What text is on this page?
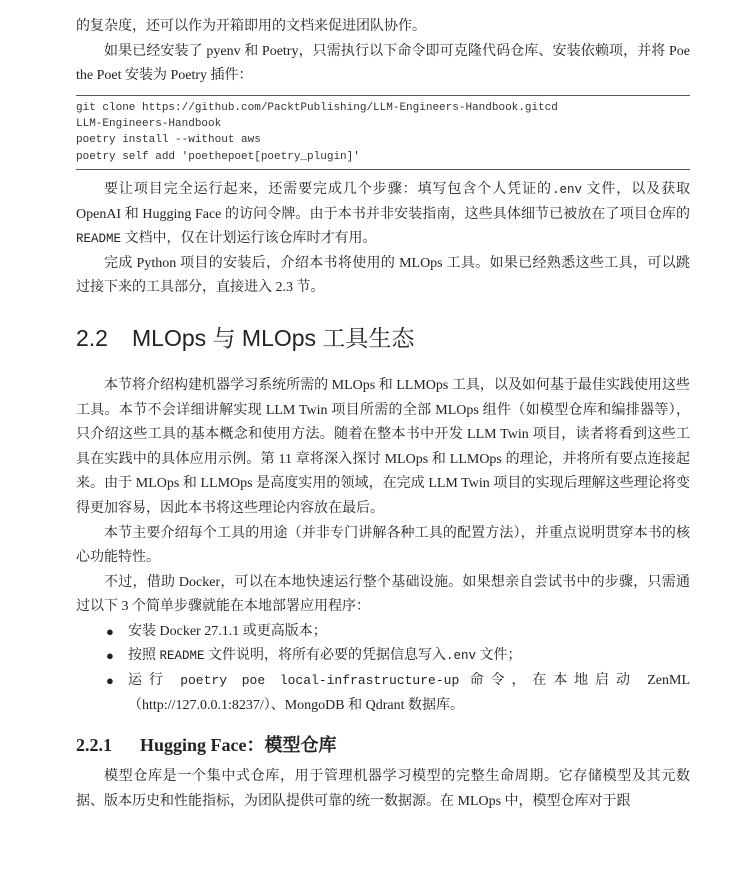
的复杂度，还可以作为开箱即用的文档来促进团队协作。

如果已经安装了 pyenv 和 Poetry，只需执行以下命令即可克隆代码仓库、安装依赖项，并将 Poe the Poet 安装为 Poetry 插件：

git clone https://github.com/PacktPublishing/LLM-Engineers-Handbook.gitcd
LLM-Engineers-Handbook
poetry install --without aws
poetry self add 'poethepoet[poetry_plugin]'

要让项目完全运行起来，还需要完成几个步骤：填写包含个人凭证的.env 文件，以及获取 OpenAI 和 Hugging Face 的访问令牌。由于本书并非安装指南，这些具体细节已被放在了项目仓库的 README 文档中，仅在计划运行该仓库时才有用。

完成 Python 项目的安装后，介绍本书将使用的 MLOps 工具。如果已经熟悉这些工具，可以跳过接下来的工具部分，直接进入 2.3 节。

2.2 MLOps 与 MLOps 工具生态

本节将介绍构建机器学习系统所需的 MLOps 和 LLMOps 工具，以及如何基于最佳实践使用这些工具。本节不会详细讲解实现 LLM Twin 项目所需的全部 MLOps 组件（如模型仓库和编排器等），只介绍这些工具的基本概念和使用方法。随着在整本书中开发 LLM Twin 项目，读者将看到这些工具在实践中的具体应用示例。第 11 章将深入探讨 MLOps 和 LLMOps 的理论，并将所有要点连接起来。由于 MLOps 和 LLMOps 是高度实用的领域，在完成 LLM Twin 项目的实现后理解这些理论将变得更加容易，因此本书将这些理论内容放在最后。

本节主要介绍每个工具的用途（并非专门讲解各种工具的配置方法），并重点说明贯穿本书的核心功能特性。

不过，借助 Docker，可以在本地快速运行整个基础设施。如果想亲自尝试书中的步骤，只需通过以下 3 个简单步骤就能在本地部署应用程序：

● 安装 Docker 27.1.1 或更高版本；
● 按照 README 文件说明，将所有必要的凭据信息写入.env 文件；
● 运行 poetry poe local-infrastructure-up 命令，在本地启动 ZenML（http://127.0.0.1:8237/）、MongoDB 和 Qdrant 数据库。
2.2.1 Hugging Face：模型仓库

模型仓库是一个集中式仓库，用于管理机器学习模型的完整生命周期。它存储模型及其元数据、版本历史和性能指标，为团队提供可靠的统一数据源。在 MLOps 中，模型仓库对于跟
